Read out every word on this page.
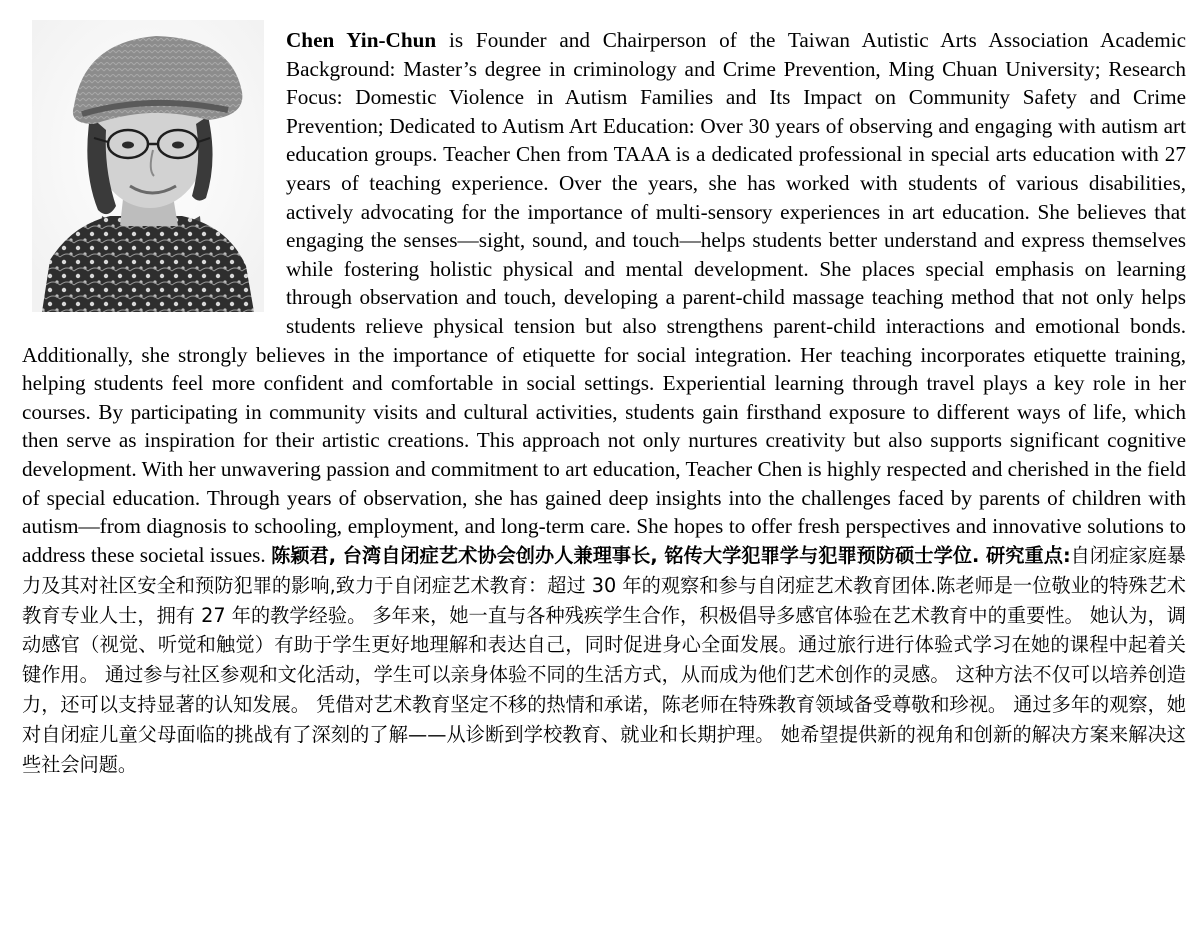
Chen Yin-Chun is Founder and Chairperson of the Taiwan Autistic Arts Association Academic Background: Master’s degree in criminology and Crime Prevention, Ming Chuan University; Research Focus: Domestic Violence in Autism Families and Its Impact on Community Safety and Crime Prevention; Dedicated to Autism Art Education: Over 30 years of observing and engaging with autism art education groups. Teacher Chen from TAAA is a dedicated professional in special arts education with 27 years of teaching experience. Over the years, she has worked with students of various disabilities, actively advocating for the importance of multi-sensory experiences in art education. She believes that engaging the senses—sight, sound, and touch—helps students better understand and express themselves while fostering holistic physical and mental development. She places special emphasis on learning through observation and touch, developing a parent-child massage teaching method that not only helps students relieve physical tension but also strengthens parent-child interactions and emotional bonds. Additionally, she strongly believes in the importance of etiquette for social integration. Her teaching incorporates etiquette training, helping students feel more confident and comfortable in social settings. Experiential learning through travel plays a key role in her courses. By participating in community visits and cultural activities, students gain firsthand exposure to different ways of life, which then serve as inspiration for their artistic creations. This approach not only nurtures creativity but also supports significant cognitive development. With her unwavering passion and commitment to art education, Teacher Chen is highly respected and cherished in the field of special education. Through years of observation, she has gained deep insights into the challenges faced by parents of children with autism—from diagnosis to schooling, employment, and long-term care. She hopes to offer fresh perspectives and innovative solutions to address these societal issues. 陈颖君, 台湾自闭症艺术协会创办人兼理事长, 铭传大学犯罪学与犯罪预防硕士学位. 研究重点:自闭症家庭暴力及其对社区安全和预防犯罪的影响,致力于自闭症艺术教育：超过 30 年的观察和参与自闭症艺术教育团体.陈老师是一位敬业的特殊艺术教育专业人士，拥有 27 年的教学经验。 多年来，她一直与各种残疾学生合作，积极倡导多感官体验在艺术教育中的重要性。 她认为，调动感官（视觉、听觉和触觉）有助于学生更好地理解和表达自己，同时促进身心全面发展。通过旅行进行体验式学习在她的课程中起着关键作用。 通过参与社区参观和文化活动，学生可以亲身体验不同的生活方式，从而成为他们艺术创作的灵感。 这种方法不仅可以培养创造力，还可以支持显著的认知发展。 凭借对艺术教育坚定不移的热情和承诺，陈老师在特殊教育领域备受尊敬和珍视。 通过多年的观察，她对自闭症儿童父母面临的挑战有了深刻的了解——从诊断到学校教育、就业和长期护理。 她希望提供新的视角和创新的解决方案来解决这些社会问题。
